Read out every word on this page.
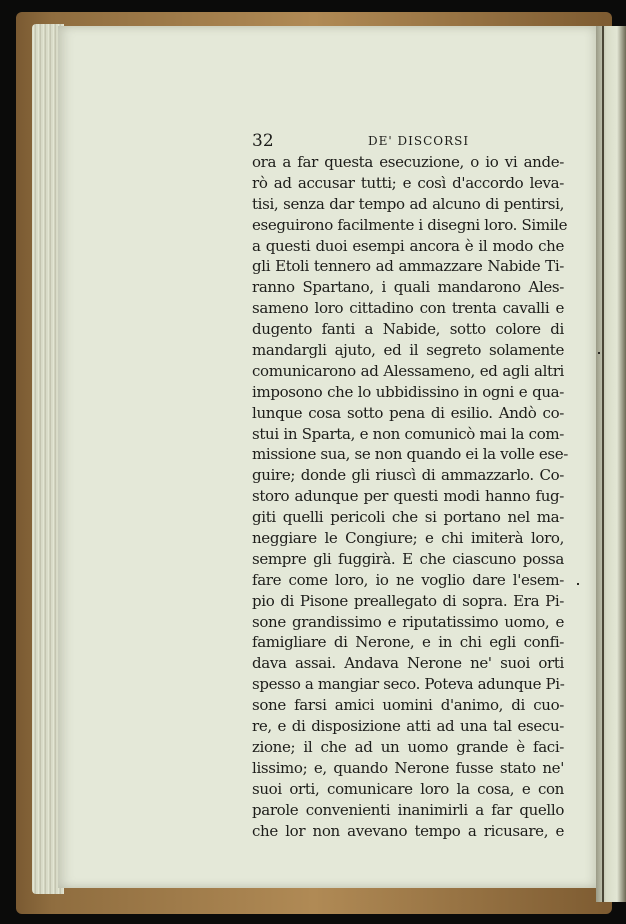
32	DE' DISCORSI
ora a far questa esecuzione, o io vi ande-
rò ad accusar tutti; e così d'accordo leva-
tisi, senza dar tempo ad alcuno di pentirsi,
eseguirono facilmente i disegni loro. Simile
a questi duoi esempi ancora è il modo che
gli Etoli tennero ad ammazzare Nabide Ti-
ranno Spartano, i quali mandarono Ales-
sameno loro cittadino con trenta cavalli e
dugento fanti a Nabide, sotto colore di
mandargli ajuto, ed il segreto solamente
comunicarono ad Alessameno, ed agli altri
imposono che lo ubbidissino in ogni e qua-
lunque cosa sotto pena di esilio. Andò co-
stui in Sparta, e non comunicò mai la com-
missione sua, se non quando ei la volle ese-
guire; donde gli riuscì di ammazzarlo. Co-
storo adunque per questi modi hanno fug-
giti quelli pericoli che si portano nel ma-
neggiare le Congiure; e chi imiterà loro,
sempre gli fuggirà. E che ciascuno possa
fare come loro, io ne voglio dare l'esem-
pio di Pisone preallegato di sopra. Era Pi-
sone grandissimo e riputatissimo uomo, e
famigliare di Nerone, e in chi egli confi-
dava assai. Andava Nerone ne' suoi orti
spesso a mangiar seco. Poteva adunque Pi-
sone farsi amici uomini d'animo, di cuo-
re, e di disposizione atti ad una tal esecu-
zione; il che ad un uomo grande è faci-
lissimo; e, quando Nerone fusse stato ne'
suoi orti, comunicare loro la cosa, e con
parole convenienti inanimirli a far quello
che lor non avevano tempo a ricusare, e
